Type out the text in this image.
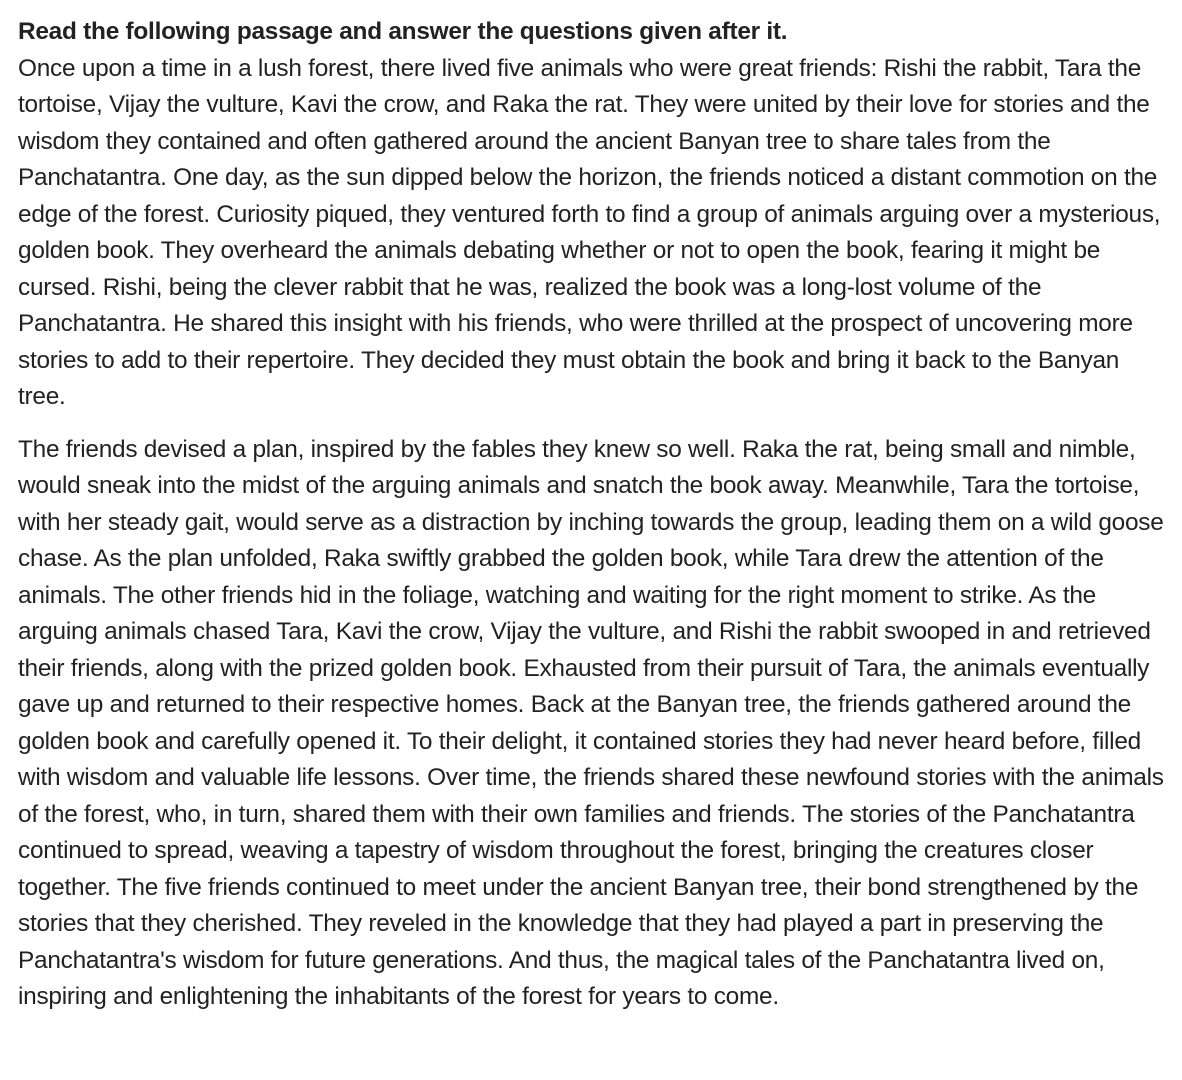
Read the following passage and answer the questions given after it.

Once upon a time in a lush forest, there lived five animals who were great friends: Rishi the rabbit, Tara the tortoise, Vijay the vulture, Kavi the crow, and Raka the rat. They were united by their love for stories and the wisdom they contained and often gathered around the ancient Banyan tree to share tales from the Panchatantra. One day, as the sun dipped below the horizon, the friends noticed a distant commotion on the edge of the forest. Curiosity piqued, they ventured forth to find a group of animals arguing over a mysterious, golden book. They overheard the animals debating whether or not to open the book, fearing it might be cursed. Rishi, being the clever rabbit that he was, realized the book was a long-lost volume of the Panchatantra. He shared this insight with his friends, who were thrilled at the prospect of uncovering more stories to add to their repertoire. They decided they must obtain the book and bring it back to the Banyan tree.

The friends devised a plan, inspired by the fables they knew so well. Raka the rat, being small and nimble, would sneak into the midst of the arguing animals and snatch the book away. Meanwhile, Tara the tortoise, with her steady gait, would serve as a distraction by inching towards the group, leading them on a wild goose chase. As the plan unfolded, Raka swiftly grabbed the golden book, while Tara drew the attention of the animals. The other friends hid in the foliage, watching and waiting for the right moment to strike. As the arguing animals chased Tara, Kavi the crow, Vijay the vulture, and Rishi the rabbit swooped in and retrieved their friends, along with the prized golden book. Exhausted from their pursuit of Tara, the animals eventually gave up and returned to their respective homes. Back at the Banyan tree, the friends gathered around the golden book and carefully opened it. To their delight, it contained stories they had never heard before, filled with wisdom and valuable life lessons. Over time, the friends shared these newfound stories with the animals of the forest, who, in turn, shared them with their own families and friends. The stories of the Panchatantra continued to spread, weaving a tapestry of wisdom throughout the forest, bringing the creatures closer together. The five friends continued to meet under the ancient Banyan tree, their bond strengthened by the stories that they cherished. They reveled in the knowledge that they had played a part in preserving the Panchatantra's wisdom for future generations. And thus, the magical tales of the Panchatantra lived on, inspiring and enlightening the inhabitants of the forest for years to come.
